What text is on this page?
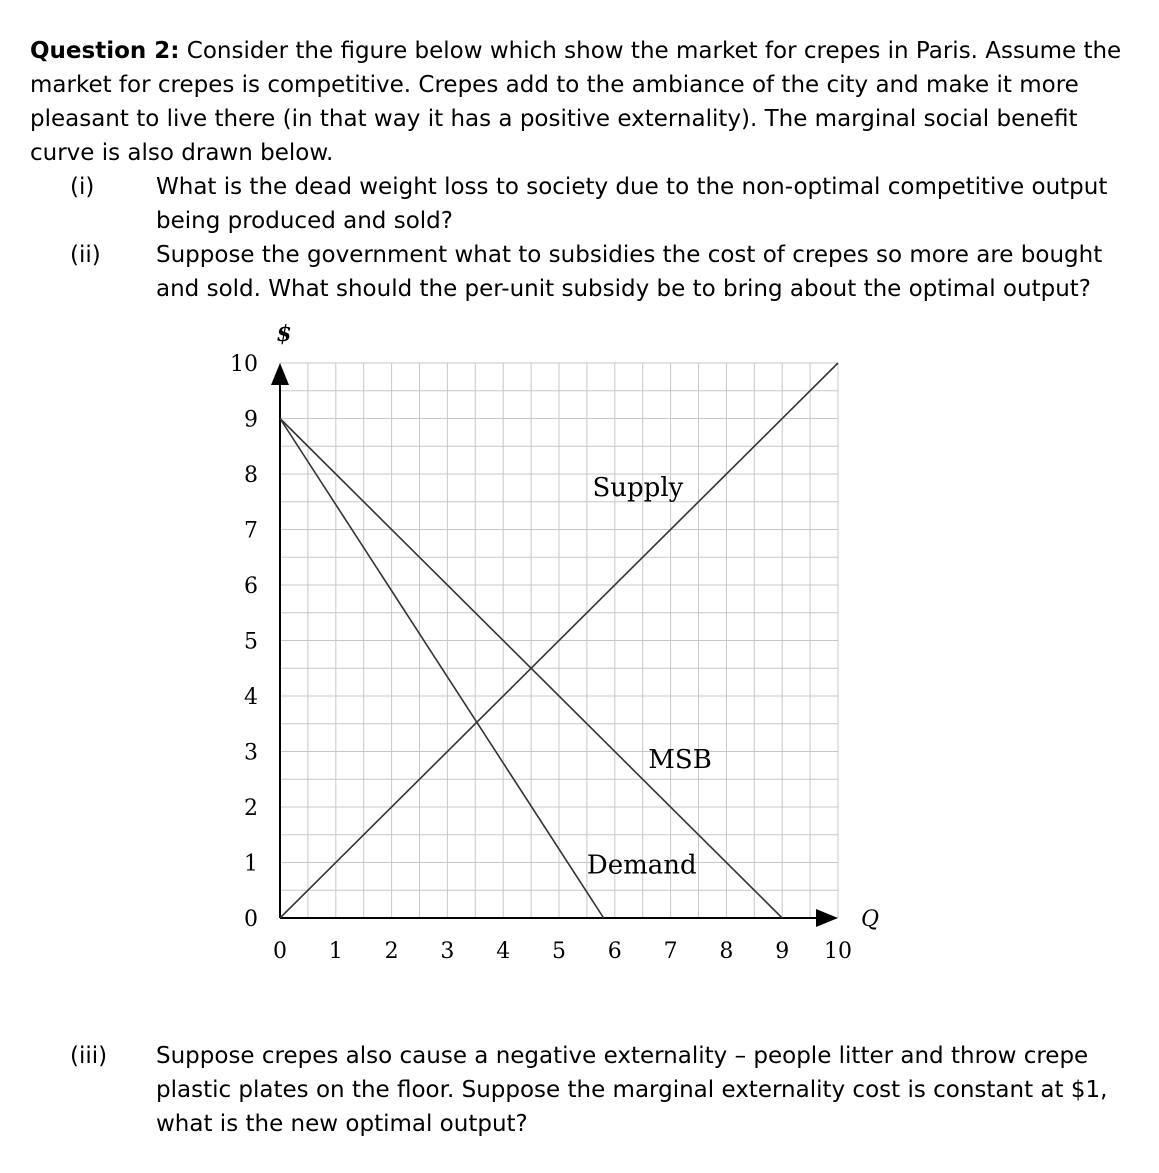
Question 2: Consider the figure below which show the market for crepes in Paris. Assume the market for crepes is competitive. Crepes add to the ambiance of the city and make it more pleasant to live there (in that way it has a positive externality). The marginal social benefit curve is also drawn below.
(i)	What is the dead weight loss to society due to the non-optimal competitive output being produced and sold?
(ii) Suppose the government what to subsidies the cost of crepes so more are bought and sold. What should the per-unit subsidy be to bring about the optimal output?
(iii) Suppose crepes also cause a negative externality – people litter and throw crepe plastic plates on the floor. Suppose the marginal externality cost is constant at $1, what is the new optimal output?
0 1 2 3 4 5 6 7 8 9 10
0
1
2
3
4
5
6
7
8
9
10
Q
$
Supply
MSB
Demand
